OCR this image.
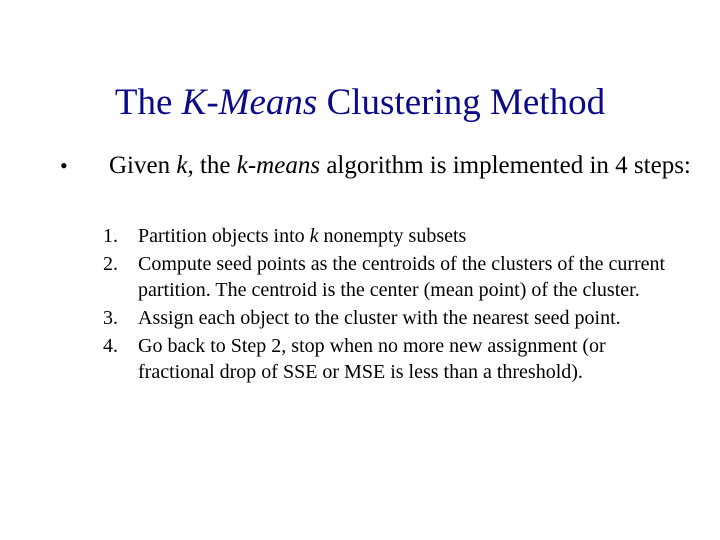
The K-Means Clustering Method
• Given k, the k-means algorithm is implemented in 4 steps:
1.	Partition objects into k nonempty subsets
2.	Compute seed points as the centroids of the clusters of the current partition. The centroid is the center (mean point) of the cluster.
3.	Assign each object to the cluster with the nearest seed point.
4.	Go back to Step 2, stop when no more new assignment (or fractional drop of SSE or MSE is less than a threshold).
